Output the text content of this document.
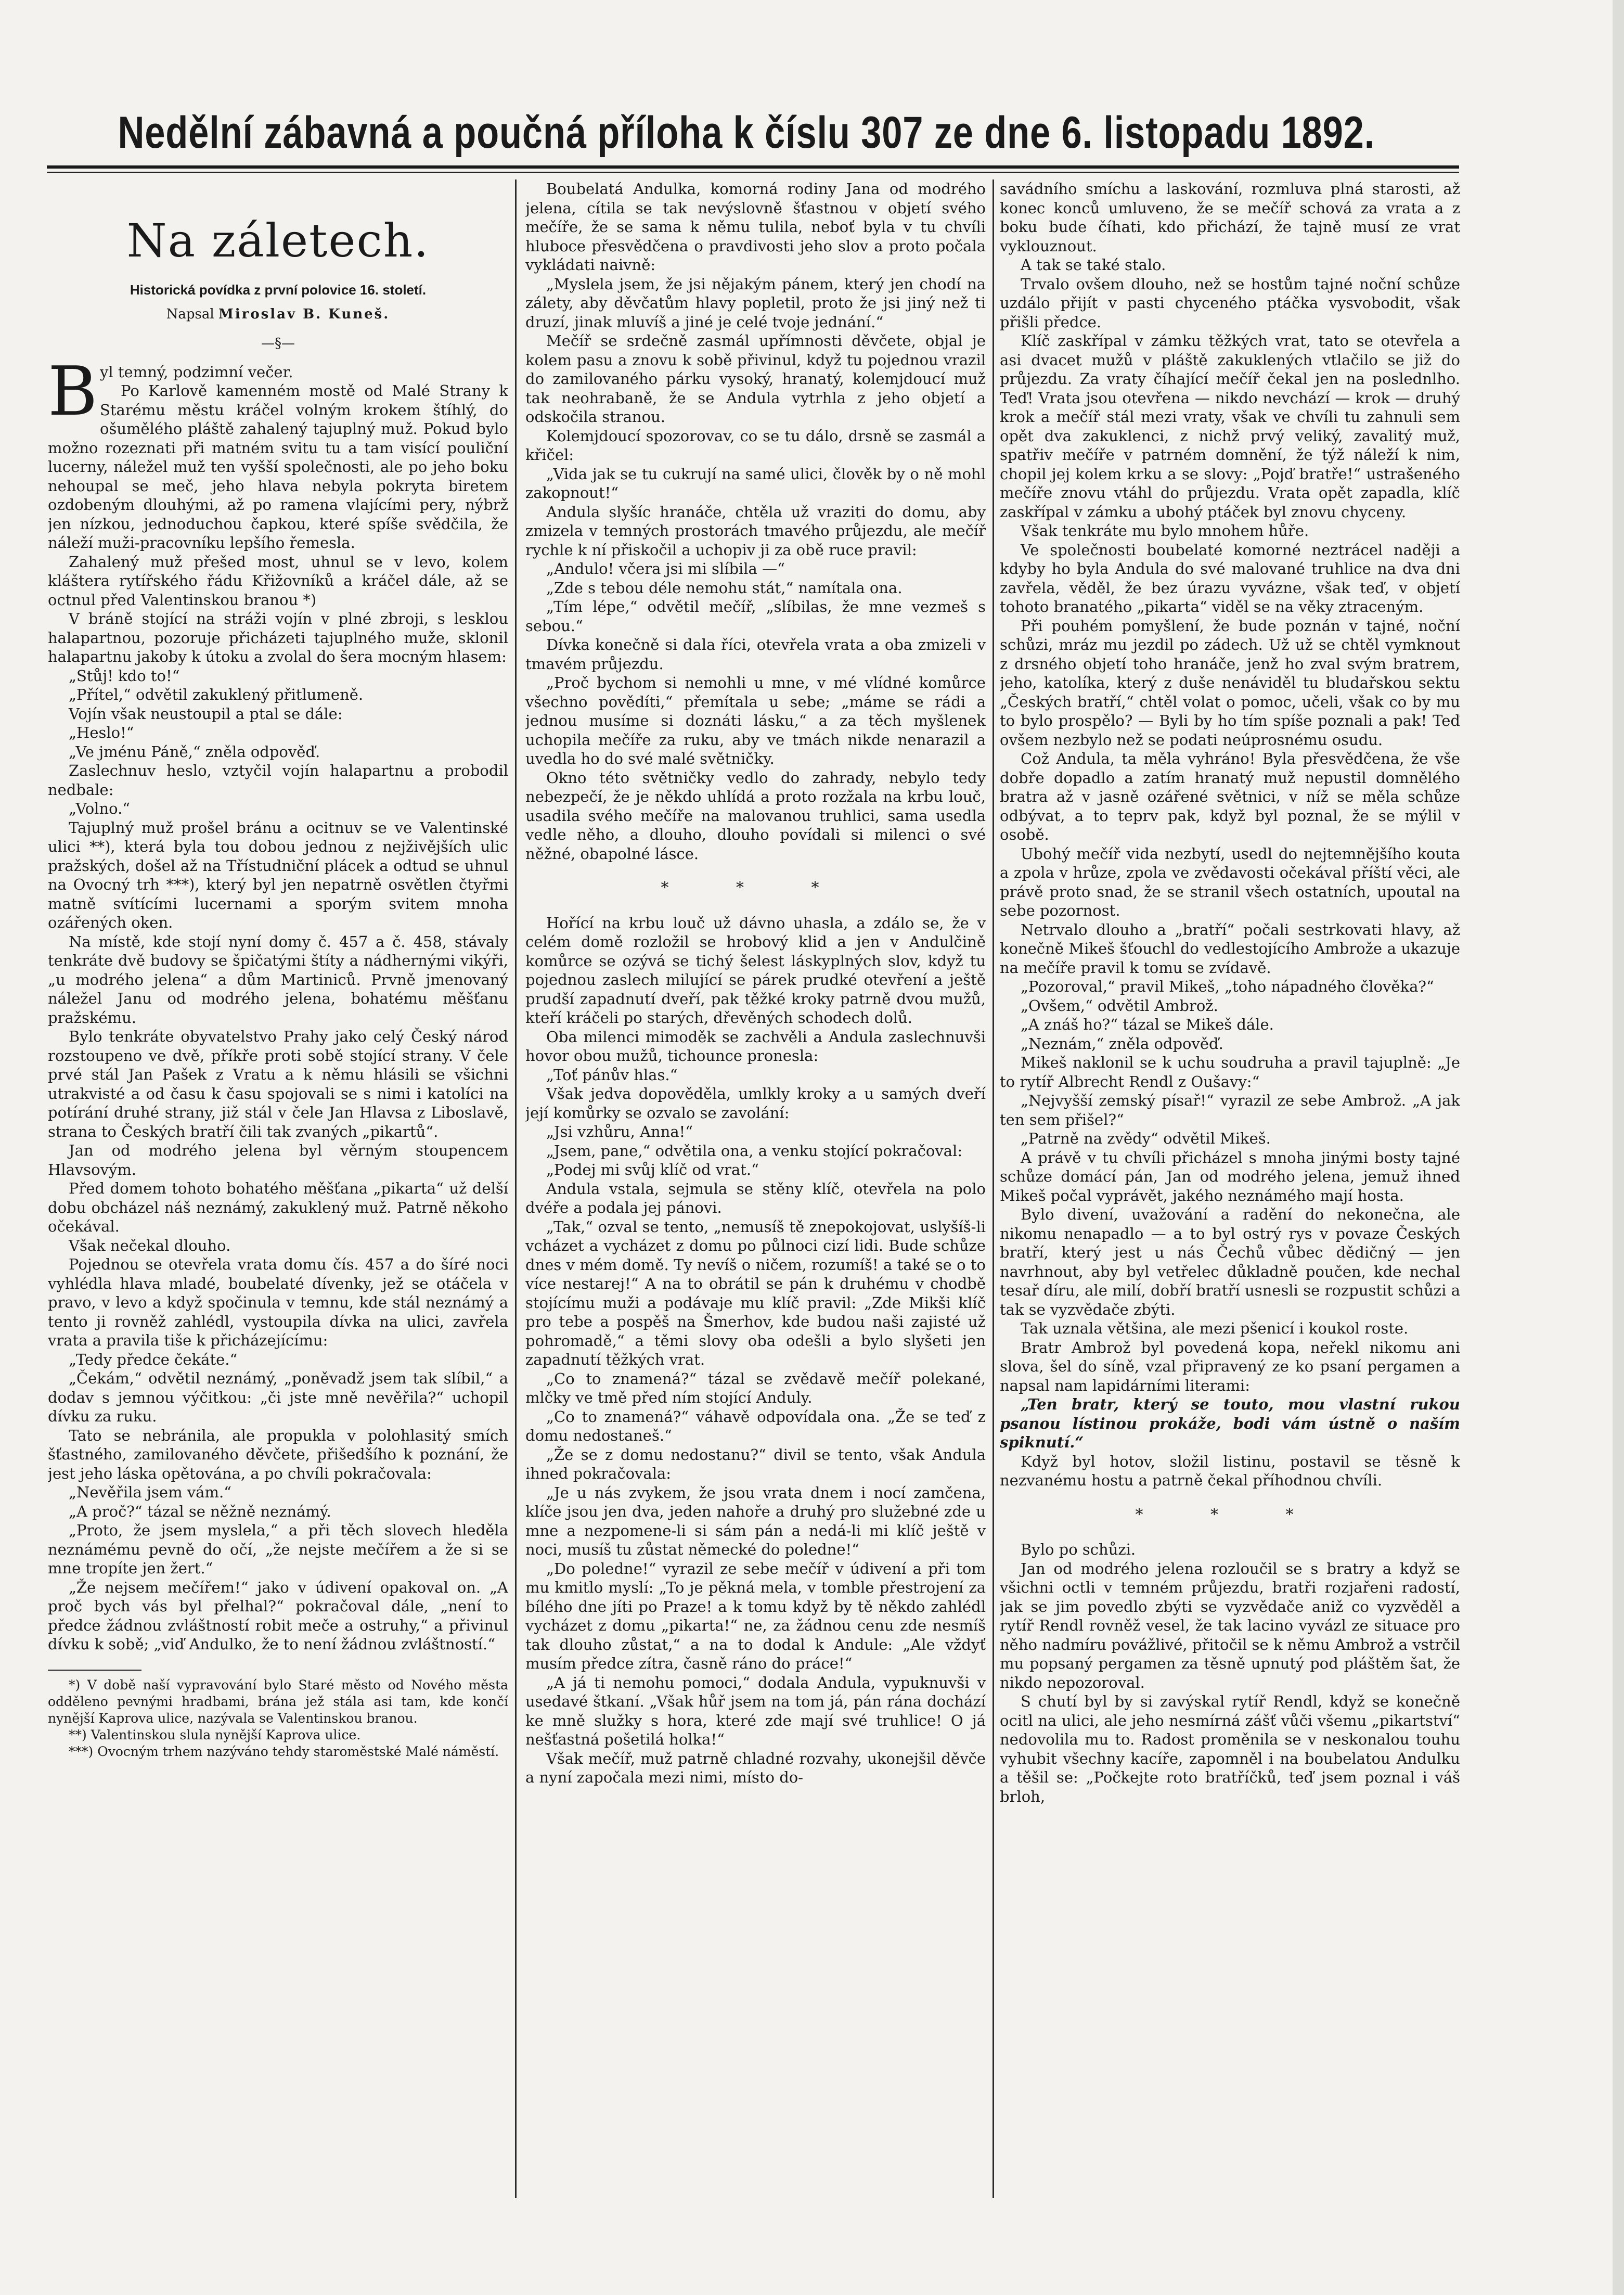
Nedělní zábavná a poučná příloha k číslu 307 ze dne 6. listopadu 1892.
Na záletech.
Historická povídka z první polovice 16. století.
Napsal Miroslav B. Kuneš.
—§—
B yl temný, podzimní večer.

Po Karlově kamenném mostě od Malé Strany k Starému městu kráčel volným krokem štíhlý, do ošumělého pláště zahalený tajuplný muž. Pokud bylo možno rozeznati při matném svitu tu a tam visící pouliční lucerny, náležel muž ten vyšší společnosti, ale po jeho boku nehoupal se meč, jeho hlava nebyla pokryta biretem ozdobeným dlouhými, až po ramena vlajícími pery, nýbrž jen nízkou, jednoduchou čapkou, které spíše svědčila, že náleží muži-pracovníku lepšího řemesla.

Zahalený muž přešed most, uhnul se v levo, kolem kláštera rytířského řádu Křižovníků a kráčel dále, až se octnul před Valentinskou branou *)

V bráně stojící na stráži vojín v plné zbroji, s lesklou halapartnou, pozoruje přicházeti tajuplného muže, sklonil halapartnu jakoby k útoku a zvolal do šera mocným hlasem:

„Stůj! kdo to!“

„Přítel,“ odvětil zakuklený přitlumeně.

Vojín však neustoupil a ptal se dále:

„Heslo!“

„Ve jménu Páně,“ zněla odpověď.

Zaslechnuv heslo, vztyčil vojín halapartnu a probodil nedbale:

„Volno.“

Tajuplný muž prošel bránu a ocitnuv se ve Valentinské ulici **), která byla tou dobou jednou z nejživějších ulic pražských, došel až na Třístudniční plácek a odtud se uhnul na Ovocný trh ***), který byl jen nepatrně osvětlen čtyřmi matně svítícími lucernami a sporým svitem mnoha ozářených oken.

Na místě, kde stojí nyní domy č. 457 a č. 458, stávaly tenkráte dvě budovy se špičatými štíty a nádhernými vikýři, „u modrého jelena“ a dům Martiniců. Prvně jmenovaný náležel Janu od modrého jelena, bohatému měšťanu pražskému.

Bylo tenkráte obyvatelstvo Prahy jako celý Český národ rozstoupeno ve dvě, příkře proti sobě stojící strany. V čele prvé stál Jan Pašek z Vratu a k němu hlásili se všichni utrakvisté a od času k času spojovali se s nimi i katolíci na potírání druhé strany, již stál v čele Jan Hlavsa z Liboslavě, strana to Českých bratří čili tak zvaných „pikartů“.

Jan od modrého jelena byl věrným stoupencem Hlavsovým.

Před domem tohoto bohatého měšťana „pikarta“ už delší dobu obcházel náš neznámý, zakuklený muž. Patrně někoho očekával.

Však nečekal dlouho.

Pojednou se otevřela vrata domu čís. 457 a do šíré noci vyhlédla hlava mladé, boubelaté dívenky, jež se otáčela v pravo, v levo a když spočinula v temnu, kde stál neznámý a tento ji rovněž zahlédl, vystoupila dívka na ulici, zavřela vrata a pravila tiše k přicházejícímu:

„Tedy předce čekáte.“

„Čekám,“ odvětil neznámý, „poněvadž jsem tak slíbil,“ a dodav s jemnou výčitkou: „či jste mně nevěřila?“ uchopil dívku za ruku.

Tato se nebránila, ale propukla v polohlasitý smích šťastného, zamilovaného děvčete, přišedšího k poznání, že jest jeho láska opětována, a po chvíli pokračovala:

„Nevěřila jsem vám.“

„A proč?“ tázal se něžně neznámý.

„Proto, že jsem myslela,“ a při těch slovech hleděla neznámému pevně do očí, „že nejste mečířem a že si se mne tropíte jen žert.“

„Že nejsem mečířem!“ jako v údivení opakoval on. „A proč bych vás byl přelhal?“ pokračoval dále, „není to předce žádnou zvláštností robit meče a ostruhy,“ a přivinul dívku k sobě; „viď Andulko, že to není žádnou zvláštností.“

*) V době naší vypravování bylo Staré město od Nového města odděleno pevnými hradbami, brána jež stála asi tam, kde končí nynější Kaprova ulice, nazývala se Valentinskou branou.

**) Valentinskou slula nynější Kaprova ulice.

***) Ovocným trhem nazýváno tehdy staroměstské Malé náměstí.

Boubelatá Andulka, komorná rodiny Jana od modrého jelena, cítila se tak nevýslovně šťastnou v objetí svého mečíře, že se sama k němu tulila, neboť byla v tu chvíli hluboce přesvědčena o pravdivosti jeho slov a proto počala vykládati naivně:

„Myslela jsem, že jsi nějakým pánem, který jen chodí na zálety, aby děvčatům hlavy popletil, proto že jsi jiný než ti druzí, jinak mluvíš a jiné je celé tvoje jednání.“

Mečíř se srdečně zasmál upřímnosti děvčete, objal je kolem pasu a znovu k sobě přivinul, když tu pojednou vrazil do zamilovaného párku vysoký, hranatý, kolemjdoucí muž tak neohrabaně, že se Andula vytrhla z jeho objetí a odskočila stranou.

Kolemjdoucí spozorovav, co se tu dálo, drsně se zasmál a křičel:

„Vida jak se tu cukrují na samé ulici, člověk by o ně mohl zakopnout!“

Andula slyšíc hranáče, chtěla už vraziti do domu, aby zmizela v temných prostorách tmavého průjezdu, ale mečíř rychle k ní přiskočil a uchopiv ji za obě ruce pravil:

„Andulo! včera jsi mi slíbila —“

„Zde s tebou déle nemohu stát,“ namítala ona.

„Tím lépe,“ odvětil mečíř, „slíbilas, že mne vezmeš s sebou.“

Dívka konečně si dala říci, otevřela vrata a oba zmizeli v tmavém průjezdu.

„Proč bychom si nemohli u mne, v mé vlídné komůrce všechno povědíti,“ přemítala u sebe; „máme se rádi a jednou musíme si doznáti lásku,“ a za těch myšlenek uchopila mečíře za ruku, aby ve tmách nikde nenarazil a uvedla ho do své malé světničky.

Okno této světničky vedlo do zahrady, nebylo tedy nebezpečí, že je někdo uhlídá a proto rozžala na krbu louč, usadila svého mečíře na malovanou truhlici, sama usedla vedle něho, a dlouho, dlouho povídali si milenci o své něžné, obapolné lásce.

* * *

Hořící na krbu louč už dávno uhasla, a zdálo se, že v celém domě rozložil se hrobový klid a jen v Andulčině komůrce se ozývá se tichý šelest láskyplných slov, když tu pojednou zaslech milující se párek prudké otevření a ještě prudší zapadnutí dveří, pak těžké kroky patrně dvou mužů, kteří kráčeli po starých, dřevěných schodech dolů.

Oba milenci mimoděk se zachvěli a Andula zaslechnuvši hovor obou mužů, tichounce pronesla:

„Toť pánův hlas.“

Však jedva dopověděla, umlkly kroky a u samých dveří její komůrky se ozvalo se zavolání:

„Jsi vzhůru, Anna!“

„Jsem, pane,“ odvětila ona, a venku stojící pokračoval:

„Podej mi svůj klíč od vrat.“

Andula vstala, sejmula se stěny klíč, otevřela na polo dvéře a podala jej pánovi.

„Tak,“ ozval se tento, „nemusíš tě znepokojovat, uslyšíš-li vcházet a vycházet z domu po půlnoci cizí lidi. Bude schůze dnes v mém domě. Ty nevíš o ničem, rozumíš! a také se o to více nestarej!“ A na to obrátil se pán k druhému v chodbě stojícímu muži a podávaje mu klíč pravil: „Zde Mikši klíč pro tebe a pospěš na Šmerhov, kde budou naši zajisté už pohromadě,“ a těmi slovy oba odešli a bylo slyšeti jen zapadnutí těžkých vrat.

„Co to znamená?“ tázal se zvědavě mečíř polekané, mlčky ve tmě před ním stojící Anduly.

„Co to znamená?“ váhavě odpovídala ona. „Že se teď z domu nedostaneš.“

„Že se z domu nedostanu?“ divil se tento, však Andula ihned pokračovala:

„Je u nás zvykem, že jsou vrata dnem i nocí zamčena, klíče jsou jen dva, jeden nahoře a druhý pro služebné zde u mne a nezpomene-li si sám pán a nedá-li mi klíč ještě v noci, musíš tu zůstat německé do poledne!“

„Do poledne!“ vyrazil ze sebe mečíř v údivení a při tom mu kmitlo myslí: „To je pěkná mela, v tomble přestrojení za bílého dne jíti po Praze! a k tomu když by tě někdo zahlédl vycházet z domu „pikarta!“ ne, za žádnou cenu zde nesmíš tak dlouho zůstat,“ a na to dodal k Andule: „Ale vždyť musím předce zítra, časně ráno do práce!“

„A já ti nemohu pomoci,“ dodala Andula, vypuknuvši v usedavé štkaní. „Však hůř jsem na tom já, pán rána dochází ke mně služky s hora, které zde mají své truhlice! O já nešťastná pošetilá holka!“

Však mečíř, muž patrně chladné rozvahy, ukonejšil děvče a nyní započala mezi nimi, místo do-

savádního smíchu a laskování, rozmluva plná starosti, až konec konců umluveno, že se mečíř schová za vrata a z boku bude číhati, kdo přichází, že tajně musí ze vrat vyklouznout.

A tak se také stalo.

Trvalo ovšem dlouho, než se hostům tajné noční schůze uzdálo přijít v pasti chyceného ptáčka vysvobodit, však přišli předce.

Klíč zaskřípal v zámku těžkých vrat, tato se otevřela a asi dvacet mužů v pláště zakuklených vtlačilo se již do průjezdu. Za vraty číhající mečíř čekal jen na poslednlho. Teď! Vrata jsou otevřena — nikdo nevchází — krok — druhý krok a mečíř stál mezi vraty, však ve chvíli tu zahnuli sem opět dva zakuklenci, z nichž prvý veliký, zavalitý muž, spatřiv mečíře v patrném domnění, že týž náleží k nim, chopil jej kolem krku a se slovy: „Pojď bratře!“ ustrašeného mečíře znovu vtáhl do průjezdu. Vrata opět zapadla, klíč zaskřípal v zámku a ubohý ptáček byl znovu chyceny.

Však tenkráte mu bylo mnohem hůře.

Ve společnosti boubelaté komorné neztrácel naději a kdyby ho byla Andula do své malované truhlice na dva dni zavřela, věděl, že bez úrazu vyvázne, však teď, v objetí tohoto branatého „pikarta“ viděl se na věky ztraceným.

Při pouhém pomyšlení, že bude poznán v tajné, noční schůzi, mráz mu jezdil po zádech. Už už se chtěl vymknout z drsného objetí toho hranáče, jenž ho zval svým bratrem, jeho, katolíka, který z duše nenáviděl tu bludařskou sektu „Českých bratří,“ chtěl volat o pomoc, učeli, však co by mu to bylo prospělo? — Byli by ho tím spíše poznali a pak! Teď ovšem nezbylo než se podati neúprosnému osudu.

Což Andula, ta měla vyhráno! Byla přesvědčena, že vše dobře dopadlo a zatím hranatý muž nepustil domnělého bratra až v jasně ozářené světnici, v níž se měla schůze odbývat, a to teprv pak, když byl poznal, že se mýlil v osobě.

Ubohý mečíř vida nezbytí, usedl do nejtemnějšího kouta a zpola v hrůze, zpola ve zvědavosti očekával příští věci, ale právě proto snad, že se stranil všech ostatních, upoutal na sebe pozornost.

Netrvalo dlouho a „bratří“ počali sestrkovati hlavy, až konečně Mikeš šťouchl do vedlestojícího Ambrože a ukazuje na mečíře pravil k tomu se zvídavě.

„Pozoroval,“ pravil Mikeš, „toho nápadného člověka?“

„Ovšem,“ odvětil Ambrož.

„A znáš ho?“ tázal se Mikeš dále.

„Neznám,“ zněla odpověď.

Mikeš naklonil se k uchu soudruha a pravil tajuplně: „Je to rytíř Albrecht Rendl z Oušavy:“

„Nejvyšší zemský písař!“ vyrazil ze sebe Ambrož. „A jak ten sem přišel?“

„Patrně na zvědy“ odvětil Mikeš.

A právě v tu chvíli přicházel s mnoha jinými bosty tajné schůze domácí pán, Jan od modrého jelena, jemuž ihned Mikeš počal vyprávět, jakého neznámého mají hosta.

Bylo divení, uvažování a radění do nekonečna, ale nikomu nenapadlo — a to byl ostrý rys v povaze Českých bratří, který jest u nás Čechů vůbec dědičný — jen navrhnout, aby byl vetřelec důkladně poučen, kde nechal tesař díru, ale milí, dobří bratří usnesli se rozpustit schůzi a tak se vyzvědače zbýti.

Tak uznala většina, ale mezi pšenicí i koukol roste.

Bratr Ambrož byl povedená kopa, neřekl nikomu ani slova, šel do síně, vzal připravený ze ko psaní pergamen a napsal nam lapidárními literami:

„Ten bratr, který se touto, mou vlastní rukou psanou lístinou prokáže, bodi vám ústně o naším spiknutí.“

Když byl hotov, složil listinu, postavil se těsně k nezvanému hostu a patrně čekal příhodnou chvíli.

* * *

Bylo po schůzi.

Jan od modrého jelena rozloučil se s bratry a když se všichni octli v temném průjezdu, bratři rozjařeni radostí, jak se jim povedlo zbýti se vyzvědače aniž co vyzvěděl a rytíř Rendl rovněž vesel, že tak lacino vyvázl ze situace pro něho nadmíru povážlivé, přitočil se k němu Ambrož a vstrčil mu popsaný pergamen za těsně upnutý pod pláštěm šat, že nikdo nepozoroval.

S chutí byl by si zavýskal rytíř Rendl, když se konečně ocitl na ulici, ale jeho nesmírná zášť vůči všemu „pikartství“ nedovolila mu to. Radost proměnila se v neskonalou touhu vyhubit všechny kacíře, zapomněl i na boubelatou Andulku a těšil se: „Počkejte roto bratříčků, teď jsem poznal i váš brloh,
